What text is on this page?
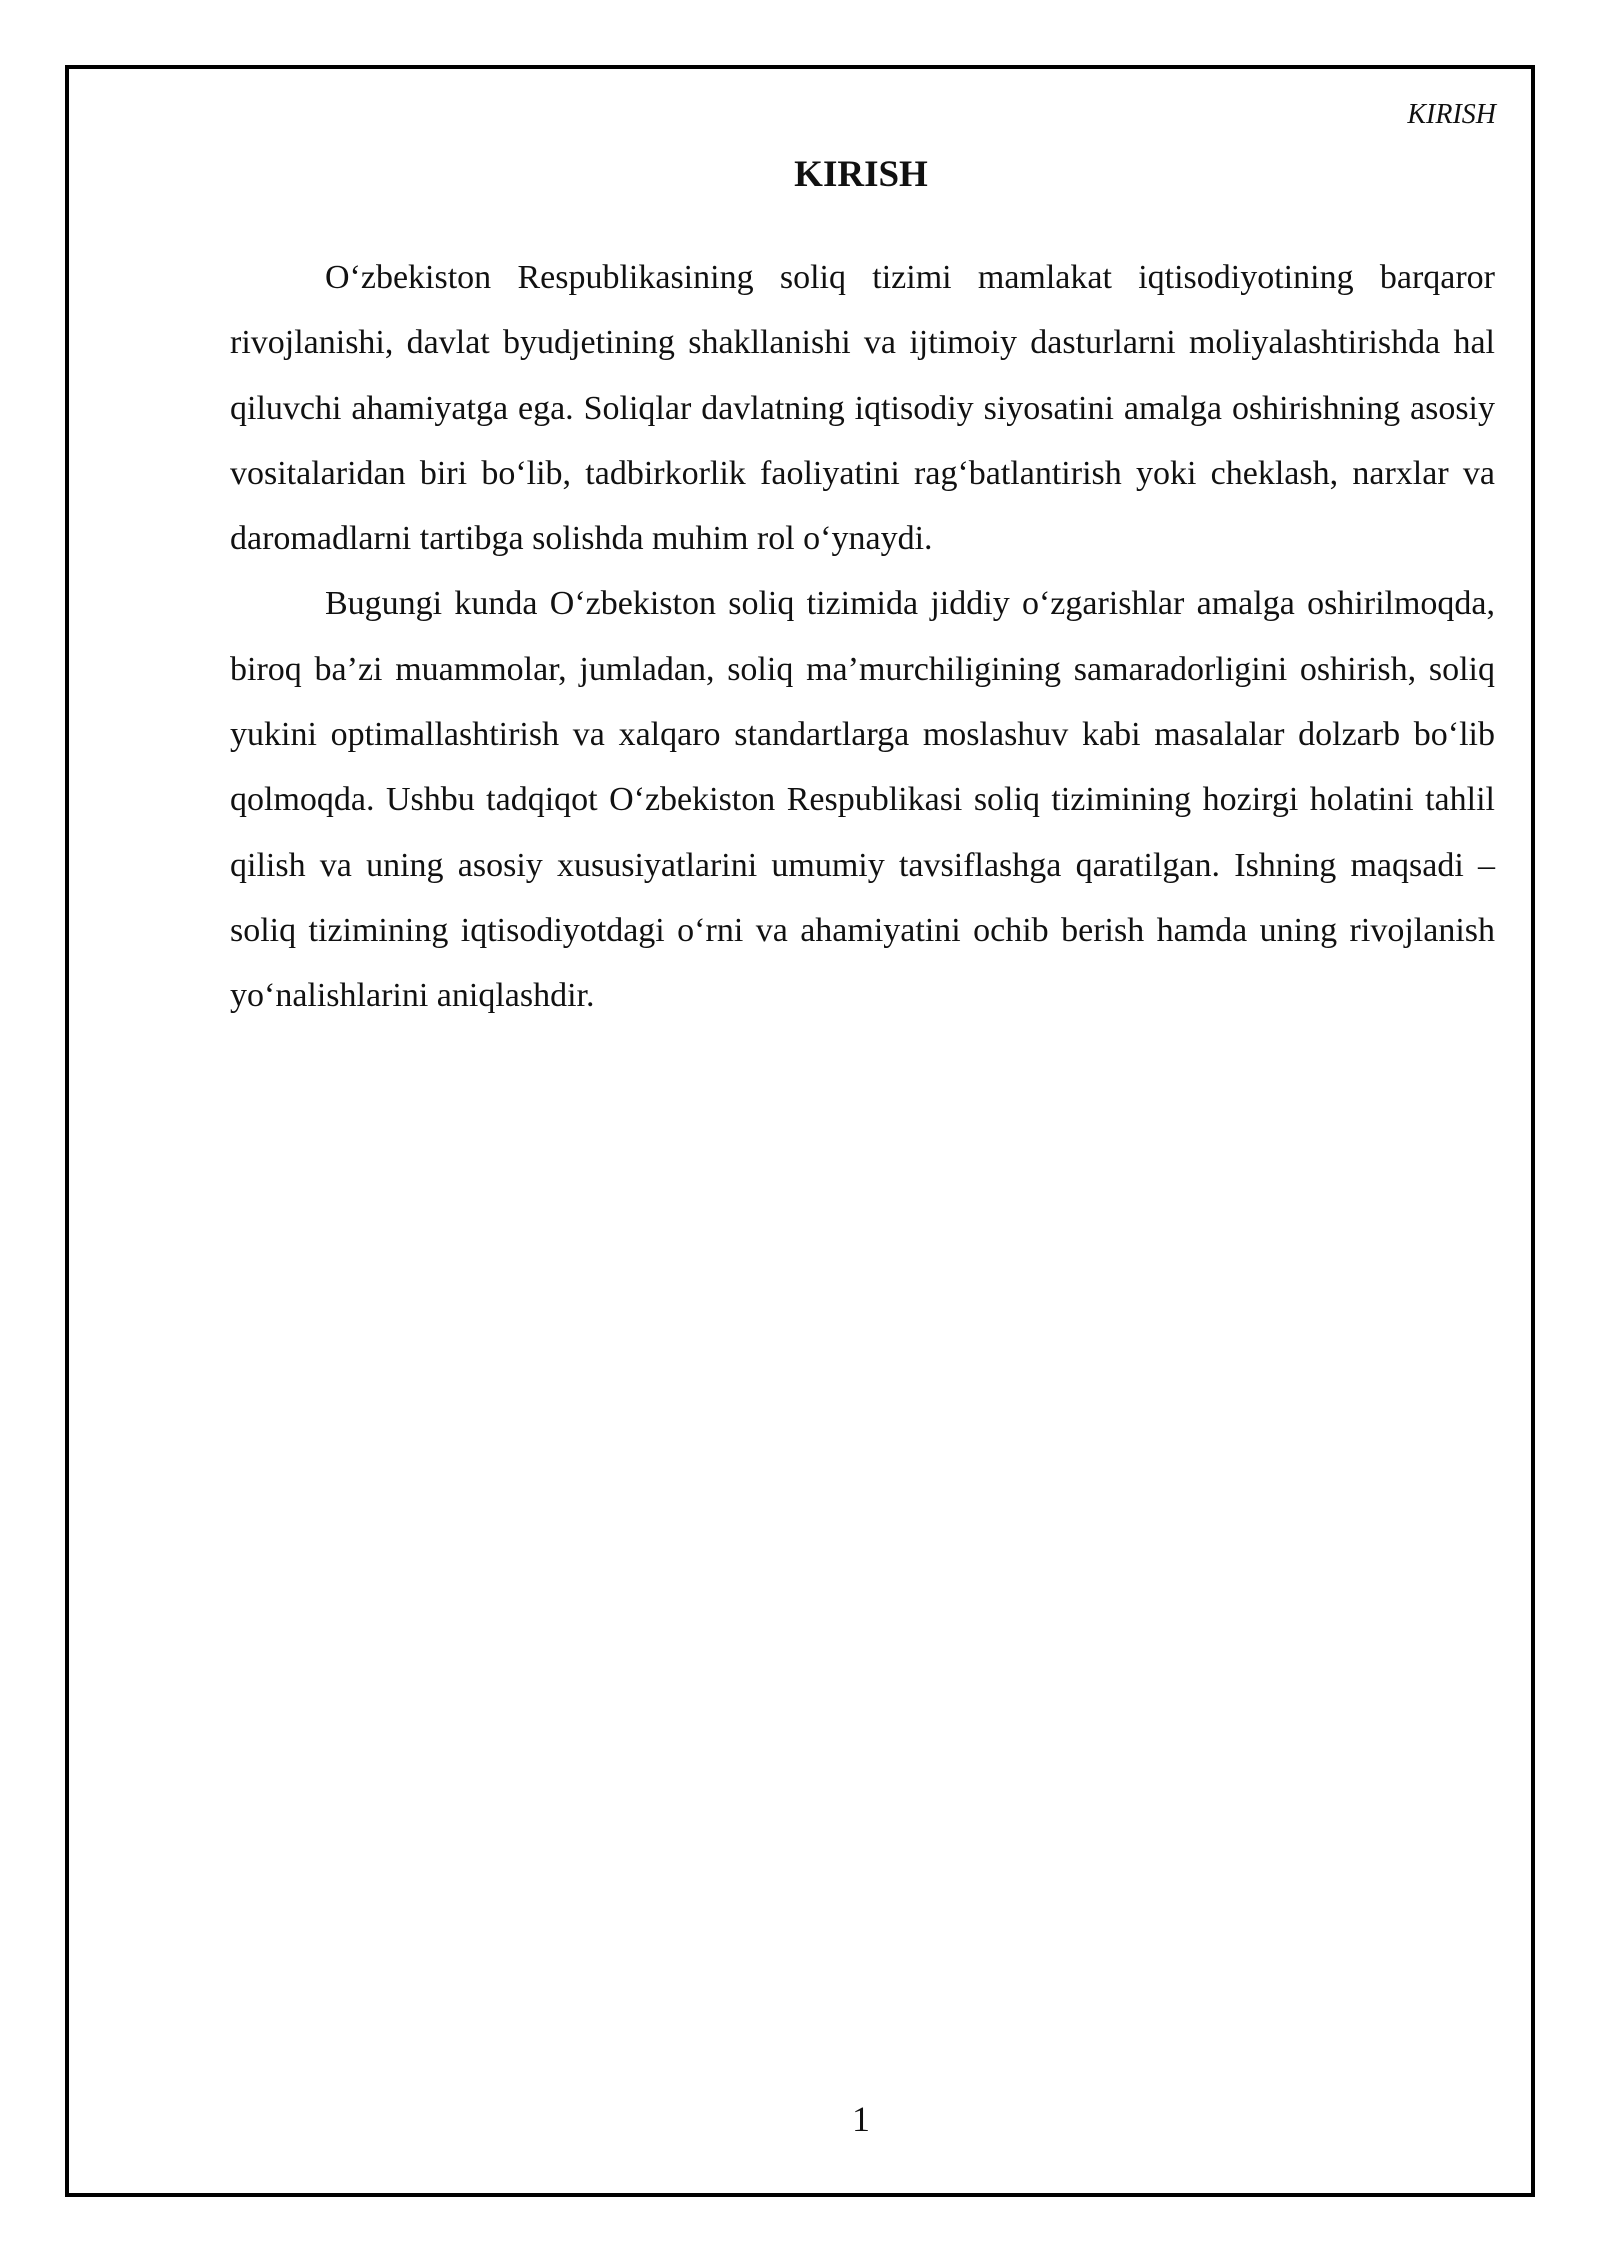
KIRISH
KIRISH

O‘zbekiston Respublikasining soliq tizimi mamlakat iqtisodiyotining barqaror rivojlanishi, davlat byudjetining shakllanishi va ijtimoiy dasturlarni moliyalashtirishda hal qiluvchi ahamiyatga ega. Soliqlar davlatning iqtisodiy siyosatini amalga oshirishning asosiy vositalaridan biri bo‘lib, tadbirkorlik faoliyatini rag‘batlantirish yoki cheklash, narxlar va daromadlarni tartibga solishda muhim rol o‘ynaydi.

Bugungi kunda O‘zbekiston soliq tizimida jiddiy o‘zgarishlar amalga oshirilmoqda, biroq ba’zi muammolar, jumladan, soliq ma’murchiligining samaradorligini oshirish, soliq yukini optimallashtirish va xalqaro standartlarga moslashuv kabi masalalar dolzarb bo‘lib qolmoqda. Ushbu tadqiqot O‘zbekiston Respublikasi soliq tizimining hozirgi holatini tahlil qilish va uning asosiy xususiyatlarini umumiy tavsiflashga qaratilgan. Ishning maqsadi – soliq tizimining iqtisodiyotdagi o‘rni va ahamiyatini ochib berish hamda uning rivojlanish yo‘nalishlarini aniqlashdir.

1
